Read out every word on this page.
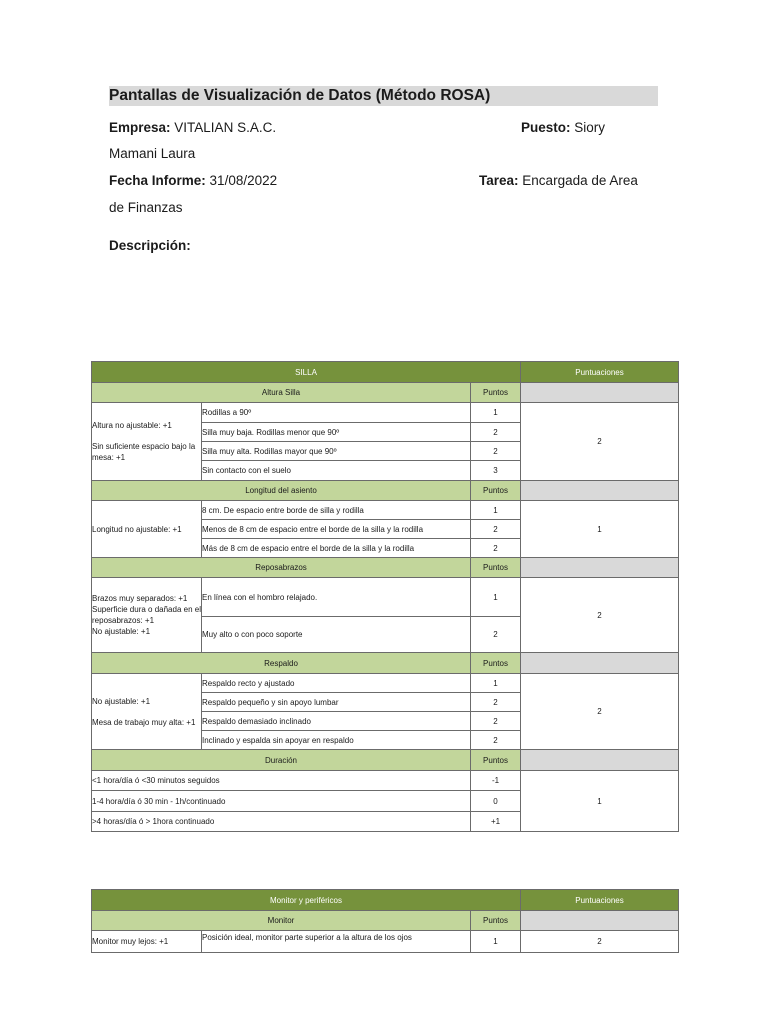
Pantallas de Visualización de Datos (Método ROSA)
Empresa: VITALIAN S.A.C.	Puesto: Siory
Mamani Laura
Fecha Informe: 31/08/2022	Tarea: Encargada de Area
de Finanzas
Descripción:
SILLA			Puntuaciones
Altura Silla		Puntos	
Altura no ajustable: +1
Sin suficiente espacio bajo la mesa: +1	Rodillas a 90º	1	2
	Silla muy baja. Rodillas menor que 90º	2	
	Silla muy alta. Rodillas mayor que 90º	2	
	Sin contacto con el suelo	3	
Longitud del asiento		Puntos	
Longitud no ajustable: +1	8 cm. De espacio entre borde de silla y rodilla	1	1
	Menos de 8 cm de espacio entre el borde de la silla y la rodilla	2	
	Más de 8 cm de espacio entre el borde de la silla y la rodilla	2	
Reposabrazos		Puntos	
Brazos muy separados: +1
Superficie dura o dañada en el reposabrazos: +1
No ajustable: +1	En línea con el hombro relajado.	1	2
	Muy alto o con poco soporte	2	
Respaldo		Puntos	
No ajustable: +1
Mesa de trabajo muy alta: +1	Respaldo recto y ajustado	1	2
	Respaldo pequeño y sin apoyo lumbar	2	
	Respaldo demasiado inclinado	2	
	Inclinado y espalda sin apoyar en respaldo	2	
Duración		Puntos	
<1 hora/día ó <30 minutos seguidos		-1	1
1-4 hora/día ó 30 min - 1h/continuado		0	
>4 horas/día ó > 1hora continuado		+1	
Monitor y periféricos			Puntuaciones
Monitor		Puntos	
Monitor muy lejos: +1	Posición ideal, monitor parte superior a la altura de los ojos	1	2
